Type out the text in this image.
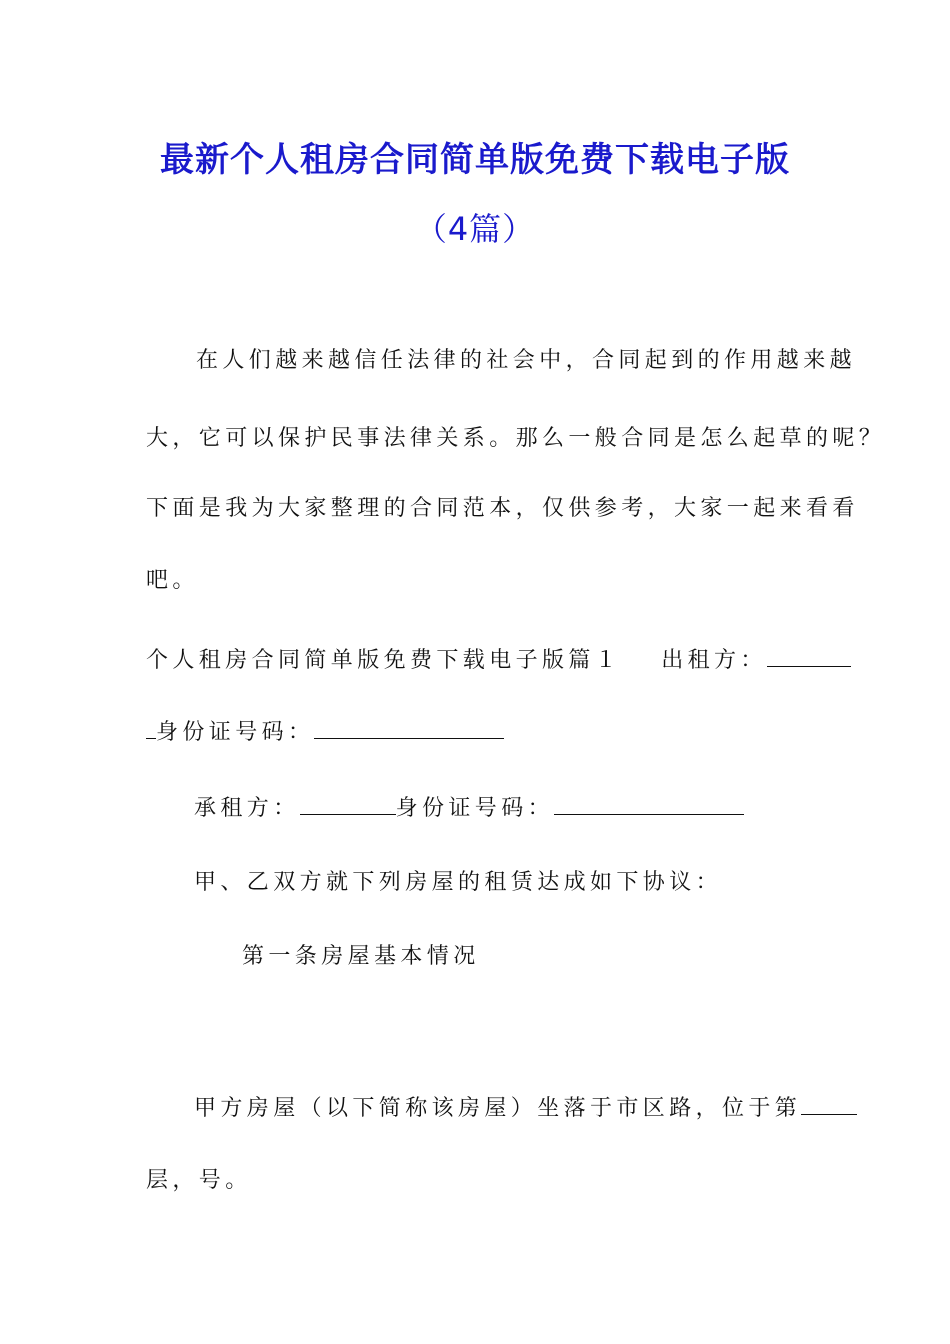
最新个人租房合同简单版免费下载电子版
（4篇）
在人们越来越信任法律的社会中，合同起到的作用越来越
大，它可以保护民事法律关系。那么一般合同是怎么起草的呢？
下面是我为大家整理的合同范本，仅供参考，大家一起来看看
吧。
个人租房合同简单版免费下载电子版篇１ 出租方：
身份证号码：
承租方：	身份证号码：
甲、乙双方就下列房屋的租赁达成如下协议：
第一条房屋基本情况
甲方房屋（以下简称该房屋）坐落于市区路，位于第
层，号。
